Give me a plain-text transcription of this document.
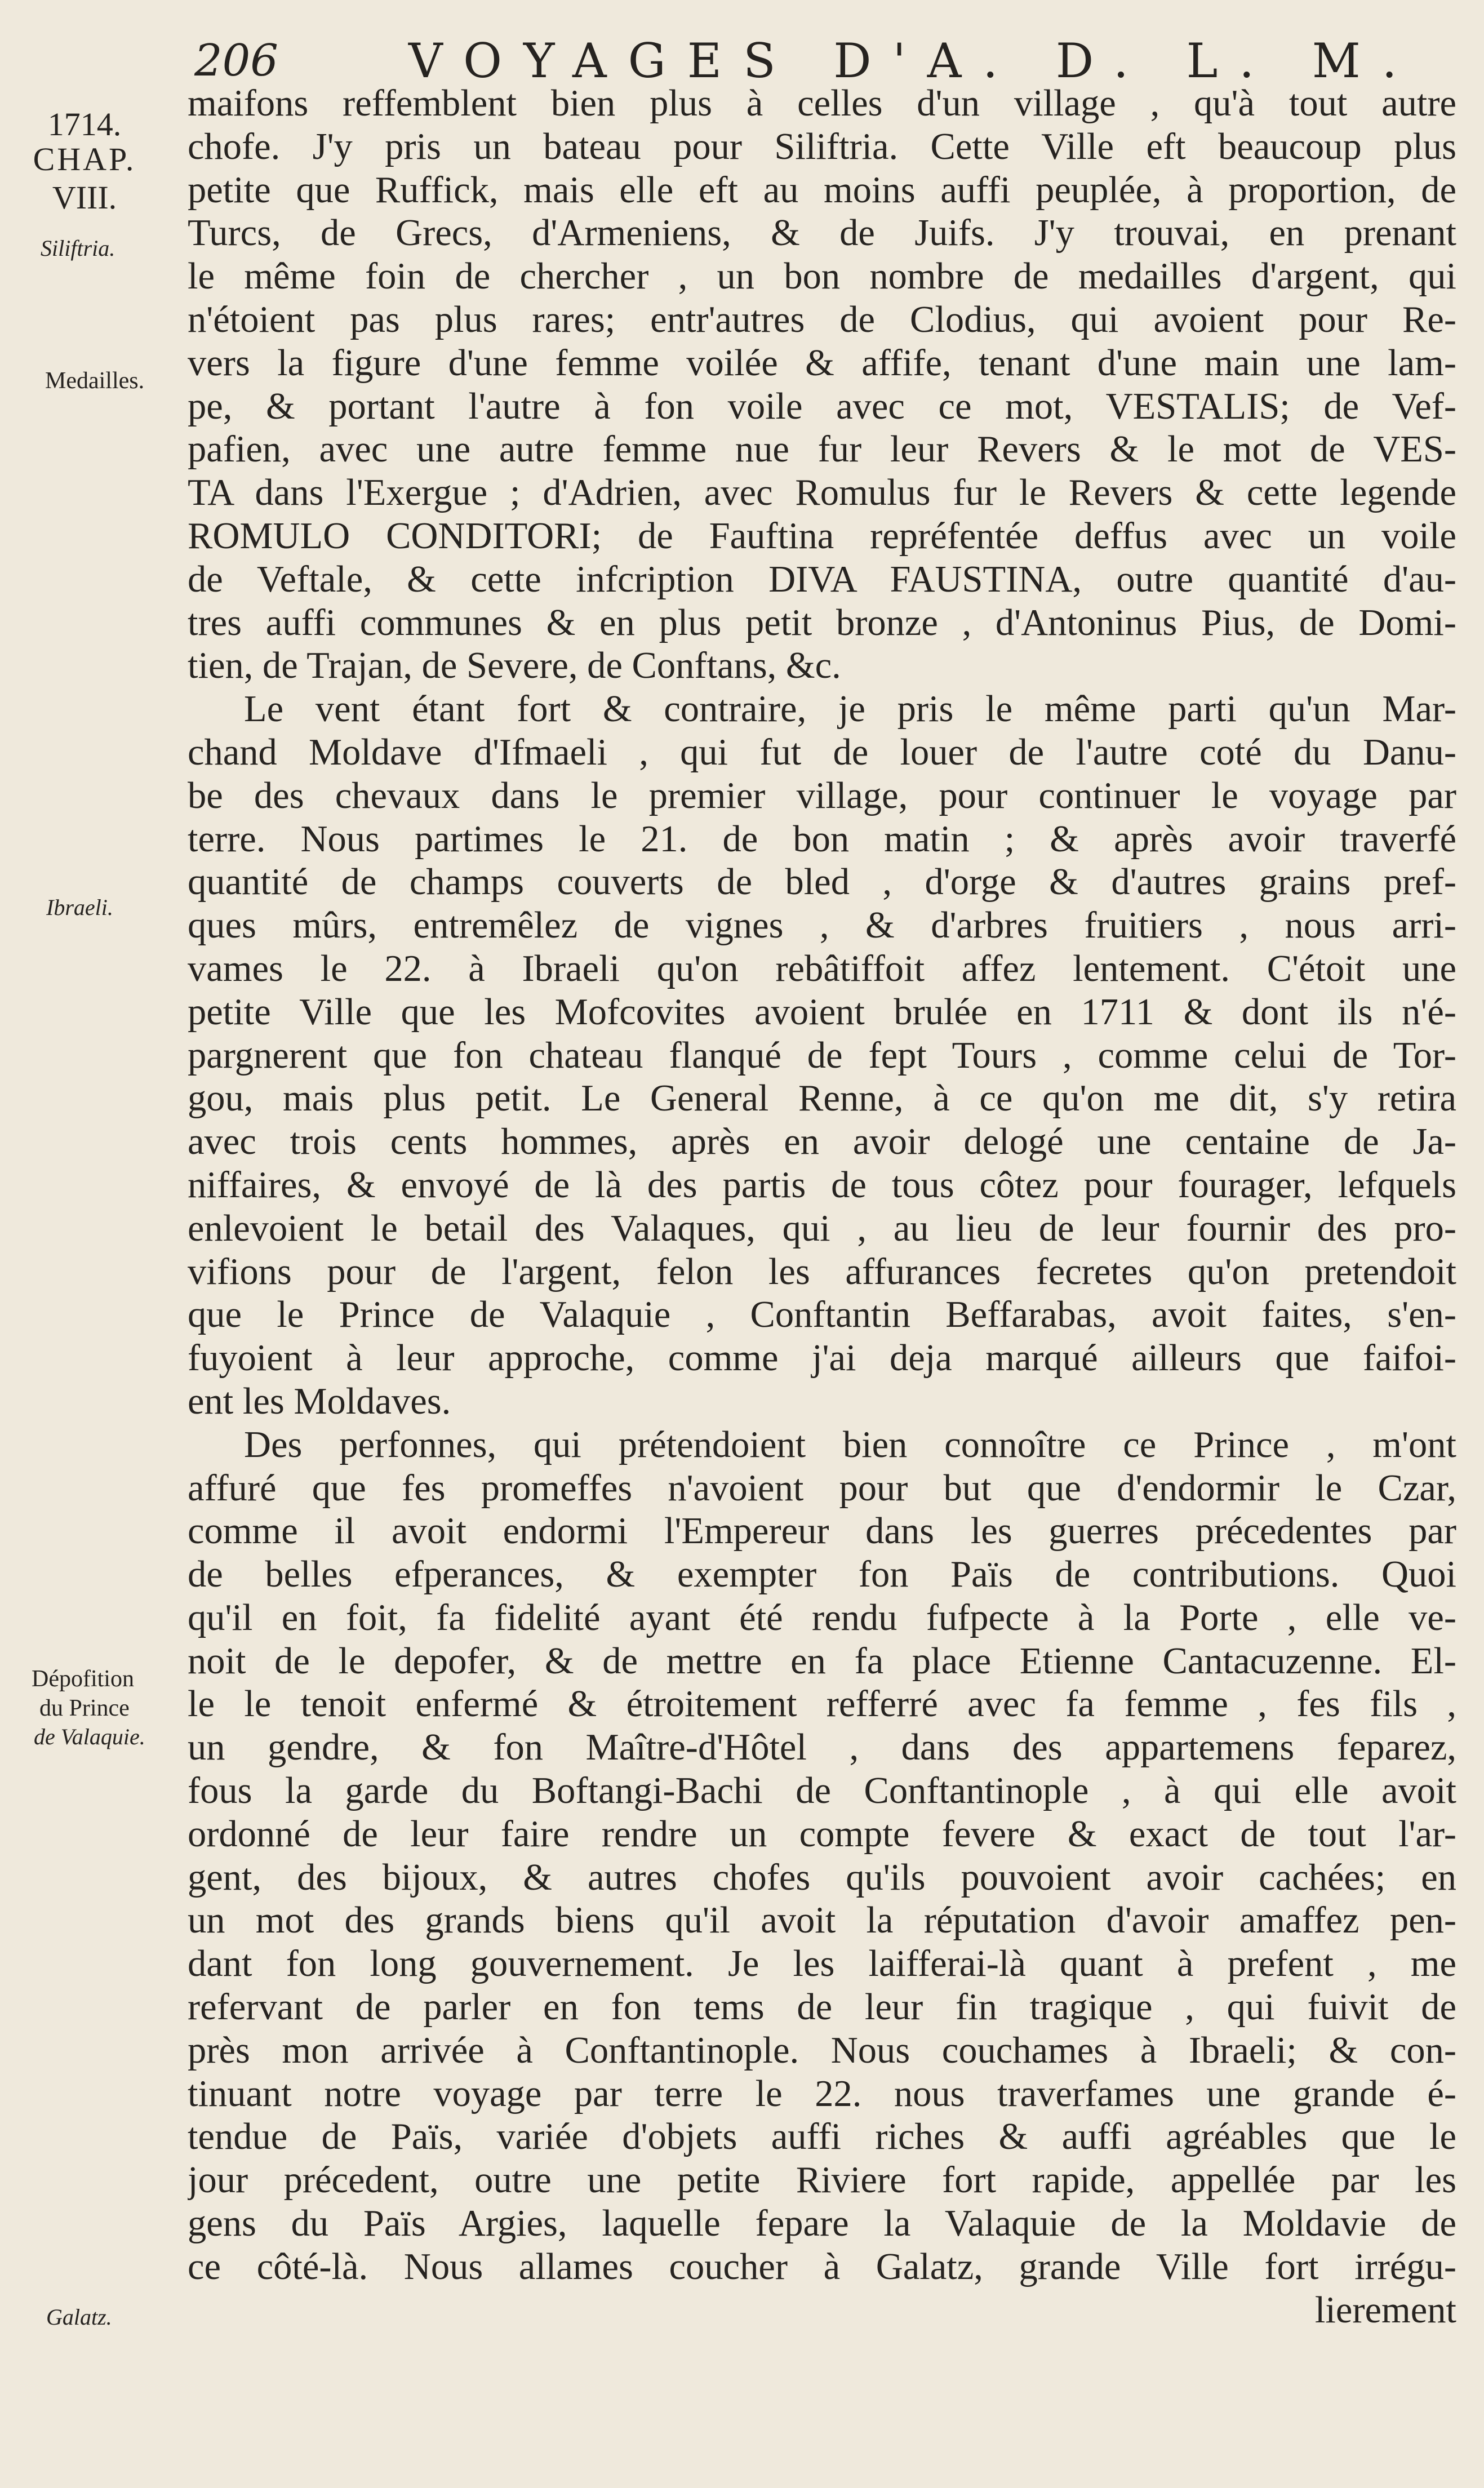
206	VOYAGES D'A. D. L. M.
1714.
CHAP.
VIII.
Siliftria.
Medailles.
Ibraeli.
Dépofition
du Prince
de Valaquie.
Galatz.
maifons reffemblent bien plus à celles d'un village , qu'à tout autre
chofe. J'y pris un bateau pour Siliftria. Cette Ville eft beaucoup plus
petite que Ruffick, mais elle eft au moins auffi peuplée, à proportion, de
Turcs, de Grecs, d'Armeniens, & de Juifs. J'y trouvai, en prenant
le même foin de chercher , un bon nombre de medailles d'argent, qui
n'étoient pas plus rares; entr'autres de Clodius, qui avoient pour Re-
vers la figure d'une femme voilée & affife, tenant d'une main une lam-
pe, & portant l'autre à fon voile avec ce mot, VESTALIS; de Vef-
pafien, avec une autre femme nue fur leur Revers & le mot de VES-
TA dans l'Exergue ; d'Adrien, avec Romulus fur le Revers & cette legende
ROMULO CONDITORI; de Fauftina repréfentée deffus avec un voile
de Veftale, & cette infcription DIVA FAUSTINA, outre quantité d'au-
tres auffi communes & en plus petit bronze , d'Antoninus Pius, de Domi-
tien, de Trajan, de Severe, de Conftans, &c.
Le vent étant fort & contraire, je pris le même parti qu'un Mar-
chand Moldave d'Ifmaeli , qui fut de louer de l'autre coté du Danu-
be des chevaux dans le premier village, pour continuer le voyage par
terre. Nous partimes le 21. de bon matin ; & après avoir traverfé
quantité de champs couverts de bled , d'orge & d'autres grains pref-
ques mûrs, entremêlez de vignes , & d'arbres fruitiers , nous arri-
vames le 22. à Ibraeli qu'on rebâtiffoit affez lentement. C'étoit une
petite Ville que les Mofcovites avoient brulée en 1711 & dont ils n'é-
pargnerent que fon chateau flanqué de fept Tours , comme celui de Tor-
gou, mais plus petit. Le General Renne, à ce qu'on me dit, s'y retira
avec trois cents hommes, après en avoir delogé une centaine de Ja-
niffaires, & envoyé de là des partis de tous côtez pour fourager, lefquels
enlevoient le betail des Valaques, qui , au lieu de leur fournir des pro-
vifions pour de l'argent, felon les affurances fecretes qu'on pretendoit
que le Prince de Valaquie , Conftantin Beffarabas, avoit faites, s'en-
fuyoient à leur approche, comme j'ai deja marqué ailleurs que faifoi-
ent les Moldaves.
Des perfonnes, qui prétendoient bien connoître ce Prince , m'ont
affuré que fes promeffes n'avoient pour but que d'endormir le Czar,
comme il avoit endormi l'Empereur dans les guerres précedentes par
de belles efperances, & exempter fon Païs de contributions. Quoi
qu'il en foit, fa fidelité ayant été rendu fufpecte à la Porte , elle ve-
noit de le depofer, & de mettre en fa place Etienne Cantacuzenne. El-
le le tenoit enfermé & étroitement refferré avec fa femme , fes fils ,
un gendre, & fon Maître-d'Hôtel , dans des appartemens feparez,
fous la garde du Boftangi-Bachi de Conftantinople , à qui elle avoit
ordonné de leur faire rendre un compte fevere & exact de tout l'ar-
gent, des bijoux, & autres chofes qu'ils pouvoient avoir cachées; en
un mot des grands biens qu'il avoit la réputation d'avoir amaffez pen-
dant fon long gouvernement. Je les laifferai-là quant à prefent , me
refervant de parler en fon tems de leur fin tragique , qui fuivit de
près mon arrivée à Conftantinople. Nous couchames à Ibraeli; & con-
tinuant notre voyage par terre le 22. nous traverfames une grande é-
tendue de Païs, variée d'objets auffi riches & auffi agréables que le
jour précedent, outre une petite Riviere fort rapide, appellée par les
gens du Païs Argies, laquelle fepare la Valaquie de la Moldavie de
ce côté-là. Nous allames coucher à Galatz, grande Ville fort irrégu-
lierement
